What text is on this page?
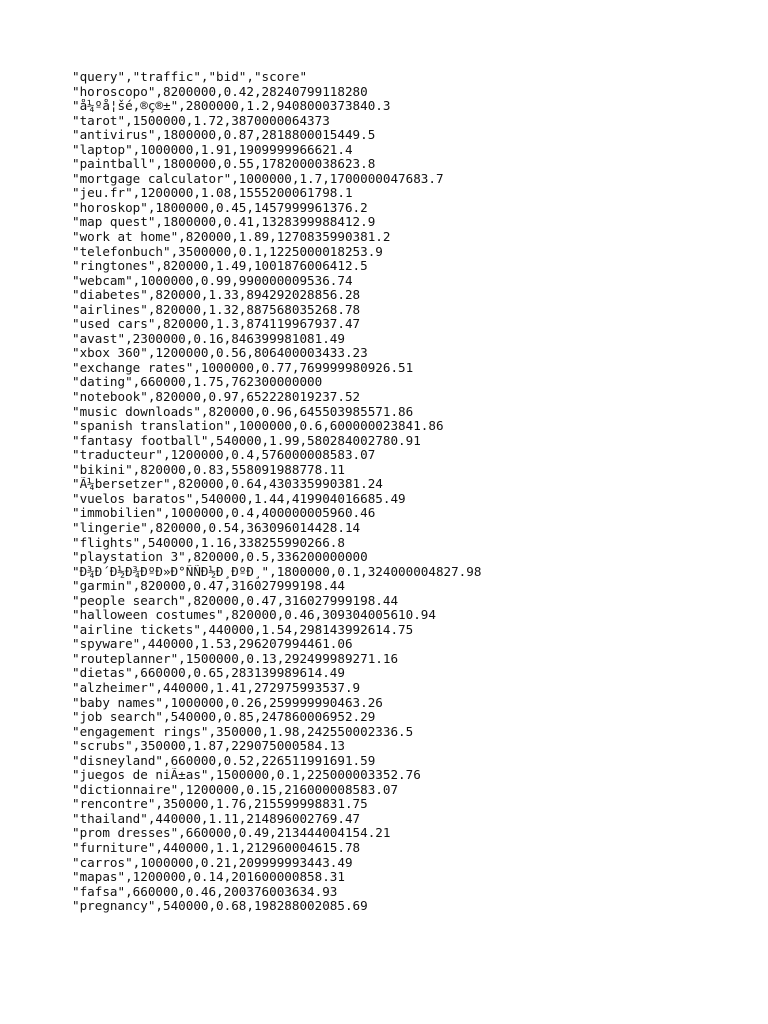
"query","traffic","bid","score"
"horoscopo",8200000,0.42,28240799118280
"å¼ºå¦šé,®ç®±",2800000,1.2,9408000373840.3
"tarot",1500000,1.72,3870000064373
"antivirus",1800000,0.87,2818800015449.5
"laptop",1000000,1.91,1909999966621.4
"paintball",1800000,0.55,1782000038623.8
"mortgage calculator",1000000,1.7,1700000047683.7
"jeu.fr",1200000,1.08,1555200061798.1
"horoskop",1800000,0.45,1457999961376.2
"map quest",1800000,0.41,1328399988412.9
"work at home",820000,1.89,1270835990381.2
"telefonbuch",3500000,0.1,1225000018253.9
"ringtones",820000,1.49,1001876006412.5
"webcam",1000000,0.99,990000009536.74
"diabetes",820000,1.33,894292028856.28
"airlines",820000,1.32,887568035268.78
"used cars",820000,1.3,874119967937.47
"avast",2300000,0.16,846399981081.49
"xbox 360",1200000,0.56,806400003433.23
"exchange rates",1000000,0.77,769999980926.51
"dating",660000,1.75,762300000000
"notebook",820000,0.97,652228019237.52
"music downloads",820000,0.96,645503985571.86
"spanish translation",1000000,0.6,600000023841.86
"fantasy football",540000,1.99,580284002780.91
"traducteur",1200000,0.4,576000008583.07
"bikini",820000,0.83,558091988778.11
"Ã¼bersetzer",820000,0.64,430335990381.24
"vuelos baratos",540000,1.44,419904016685.49
"immobilien",1000000,0.4,400000005960.46
"lingerie",820000,0.54,363096014428.14
"flights",540000,1.16,338255990266.8
"playstation 3",820000,0.5,336200000000
"Ð¾Ð´Ð½Ð¾ÐºÐ»Ð°ÑÑÐ½Ð¸ÐºÐ¸",1800000,0.1,324000004827.98
"garmin",820000,0.47,316027999198.44
"people search",820000,0.47,316027999198.44
"halloween costumes",820000,0.46,309304005610.94
"airline tickets",440000,1.54,298143992614.75
"spyware",440000,1.53,296207994461.06
"routeplanner",1500000,0.13,292499989271.16
"dietas",660000,0.65,283139989614.49
"alzheimer",440000,1.41,272975993537.9
"baby names",1000000,0.26,259999990463.26
"job search",540000,0.85,247860006952.29
"engagement rings",350000,1.98,242550002336.5
"scrubs",350000,1.87,229075000584.13
"disneyland",660000,0.52,226511991691.59
"juegos de niÃ±as",1500000,0.1,225000003352.76
"dictionnaire",1200000,0.15,216000008583.07
"rencontre",350000,1.76,215599998831.75
"thailand",440000,1.11,214896002769.47
"prom dresses",660000,0.49,213444004154.21
"furniture",440000,1.1,212960004615.78
"carros",1000000,0.21,209999993443.49
"mapas",1200000,0.14,201600000858.31
"fafsa",660000,0.46,200376003634.93
"pregnancy",540000,0.68,198288002085.69
